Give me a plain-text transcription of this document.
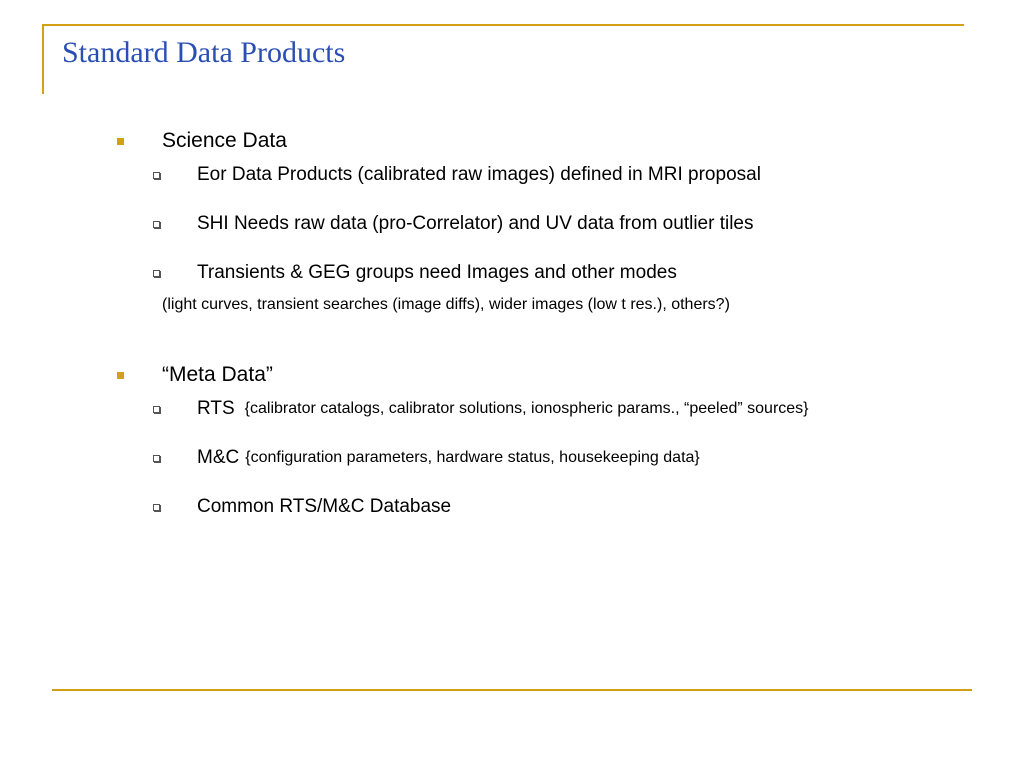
Standard Data Products
Science Data
Eor Data Products (calibrated raw images) defined in MRI proposal
SHI Needs raw data (pro-Correlator) and UV data from outlier tiles
Transients & GEG groups need Images and other modes
(light curves, transient searches (image diffs), wider images (low t res.), others?)
“Meta Data”
RTS {calibrator catalogs, calibrator solutions, ionospheric params., “peeled” sources}
M&C {configuration parameters, hardware status, housekeeping data}
Common RTS/M&C Database
